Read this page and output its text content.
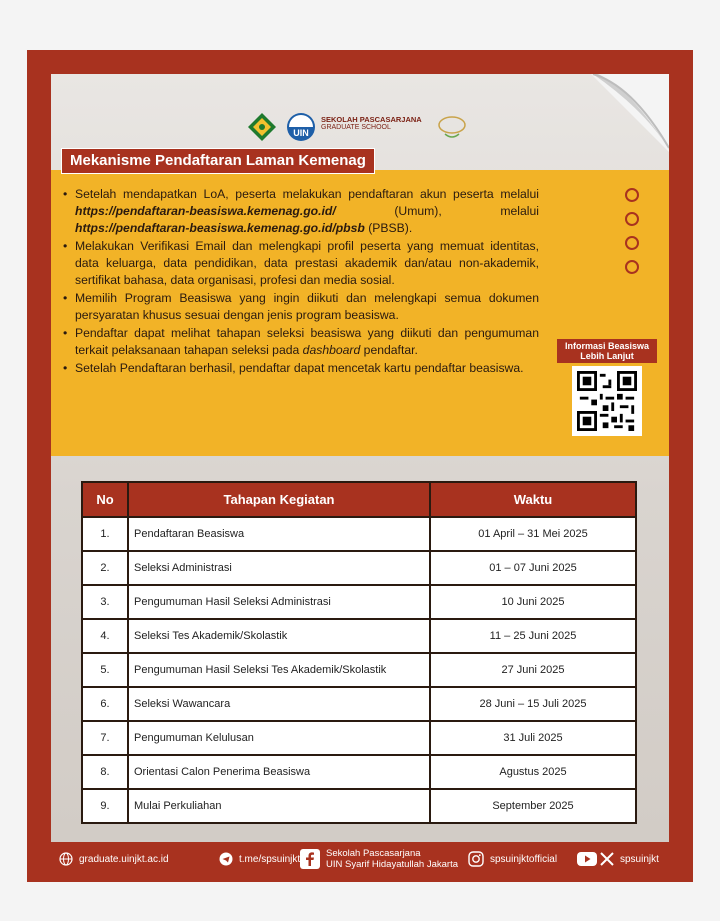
UIN
SEKOLAH PASCASARJANA
GRADUATE SCHOOL
• Setelah mendapatkan LoA, peserta melakukan pendaftaran akun peserta melalui https://pendaftaran-beasiswa.kemenag.go.id/ (Umum), melalui https://pendaftaran-beasiswa.kemenag.go.id/pbsb (PBSB).
• Melakukan Verifikasi Email dan melengkapi profil peserta yang memuat identitas, data keluarga, data pendidikan, data prestasi akademik dan/atau non-akademik, sertifikat bahasa, data organisasi, profesi dan media sosial.
• Memilih Program Beasiswa yang ingin diikuti dan melengkapi semua dokumen persyaratan khusus sesuai dengan jenis program beasiswa.
• Pendaftar dapat melihat tahapan seleksi beasiswa yang diikuti dan pengumuman terkait pelaksanaan tahapan seleksi pada dashboard pendaftar.
• Setelah Pendaftaran berhasil, pendaftar dapat mencetak kartu pendaftar beasiswa.
Informasi Beasiswa
Lebih Lanjut
Mekanisme Pendaftaran Laman Kemenag
No	Tahapan Kegiatan	Waktu
1.	Pendaftaran Beasiswa	01 April – 31 Mei 2025
2.	Seleksi Administrasi	01 – 07 Juni 2025
3.	Pengumuman Hasil Seleksi Administrasi	10 Juni 2025
4.	Seleksi Tes Akademik/Skolastik	11 – 25 Juni 2025
5.	Pengumuman Hasil Seleksi Tes Akademik/Skolastik	27 Juni 2025
6.	Seleksi Wawancara	28 Juni – 15 Juli 2025
7.	Pengumuman Kelulusan	31 Juli 2025
8.	Orientasi Calon Penerima Beasiswa	Agustus 2025
9.	Mulai Perkuliahan	September 2025
graduate.uinjkt.ac.id	t.me/spsuinjkt	Sekolah Pascasarjana
UIN Syarif Hidayatullah Jakarta	spsuinjktofficial	spsuinjkt
